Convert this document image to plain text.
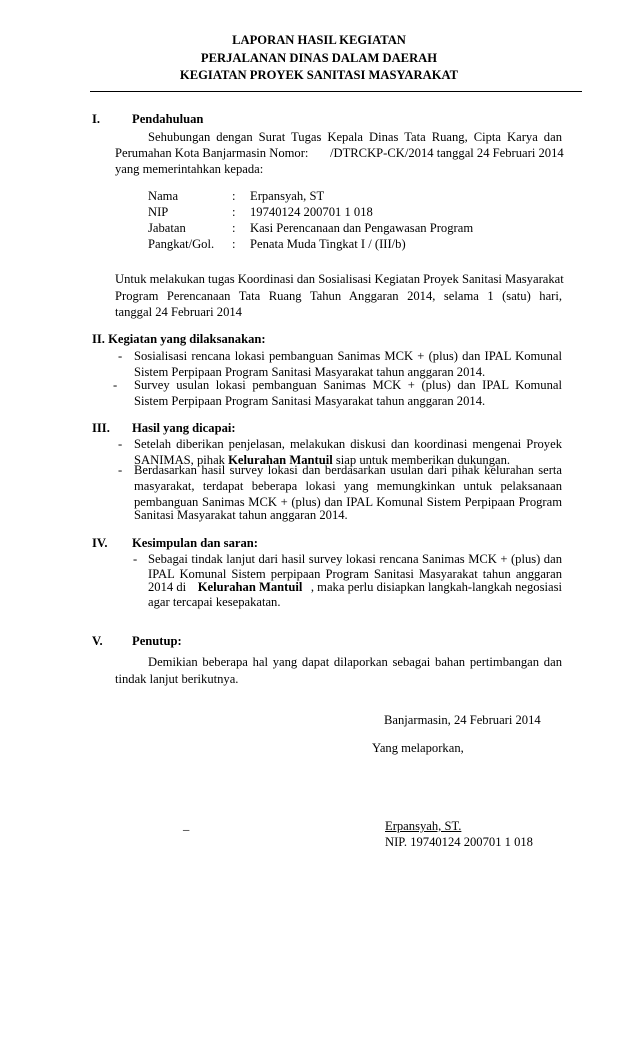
LAPORAN HASIL KEGIATAN
PERJALANAN DINAS DALAM DAERAH
KEGIATAN PROYEK SANITASI MASYARAKAT
I.	Pendahuluan
Sehubungan dengan Surat Tugas Kepala Dinas Tata Ruang, Cipta Karya dan
Perumahan Kota Banjarmasin Nomor: /DTRCKP-CK/2014 tanggal 24 Februari 2014
yang memerintahkan kepada:
Nama	: Erpansyah, ST
NIP	: 19740124 200701 1 018
Jabatan	: Kasi Perencanaan dan Pengawasan Program
Pangkat/Gol. : Penata Muda Tingkat I / (III/b)
Untuk melakukan tugas Koordinasi dan Sosialisasi Kegiatan Proyek Sanitasi Masyarakat
Program Perencanaan Tata Ruang Tahun Anggaran 2014, selama 1 (satu) hari,
tanggal 24 Februari 2014
II. Kegiatan yang dilaksanakan:
- Sosialisasi rencana lokasi pembanguan Sanimas MCK + (plus) dan IPAL Komunal
Sistem Perpipaan Program Sanitasi Masyarakat tahun anggaran 2014.
- Survey usulan lokasi pembanguan Sanimas MCK + (plus) dan IPAL Komunal
Sistem Perpipaan Program Sanitasi Masyarakat tahun anggaran 2014.
III. Hasil yang dicapai:
- Setelah diberikan penjelasan, melakukan diskusi dan koordinasi mengenai Proyek
SANIMAS, pihak Kelurahan Mantuil siap untuk memberikan dukungan.
- Berdasarkan hasil survey lokasi dan berdasarkan usulan dari pihak kelurahan serta
masyarakat, terdapat beberapa lokasi yang memungkinkan untuk pelaksanaan
pembanguan Sanimas MCK + (plus) dan IPAL Komunal Sistem Perpipaan Program
Sanitasi Masyarakat tahun anggaran 2014.
IV. Kesimpulan dan saran:
- Sebagai tindak lanjut dari hasil survey lokasi rencana Sanimas MCK + (plus) dan
IPAL Komunal Sistem perpipaan Program Sanitasi Masyarakat tahun anggaran
2014 di Kelurahan Mantuil , maka perlu disiapkan langkah-langkah negosiasi
agar tercapai kesepakatan.
V. Penutup:
Demikian beberapa hal yang dapat dilaporkan sebagai bahan pertimbangan dan
tindak lanjut berikutnya.
Banjarmasin, 24 Februari 2014
Yang melaporkan,
_	Erpansyah, ST.
NIP. 19740124 200701 1 018
